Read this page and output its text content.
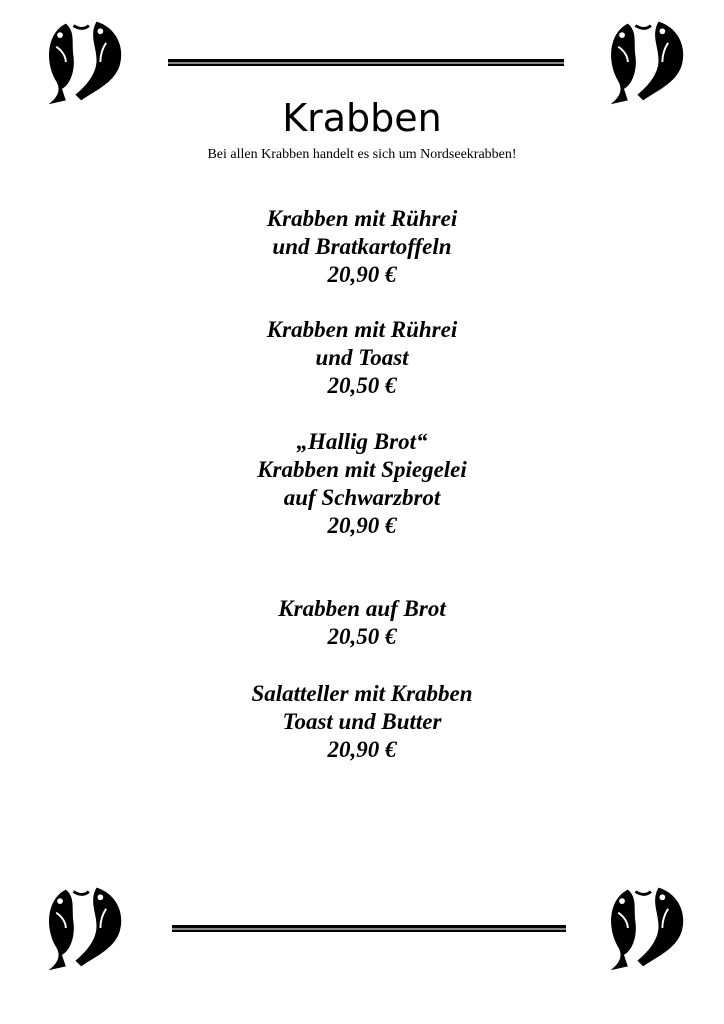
Krabben
Bei allen Krabben handelt es sich um Nordseekrabben!
Krabben mit Rührei
und Bratkartoffeln
20,90 €
Krabben mit Rührei
und Toast
20,50 €
„Hallig Brot“
Krabben mit Spiegelei
auf Schwarzbrot
20,90 €
Krabben auf Brot
20,50 €
Salatteller mit Krabben
Toast und Butter
20,90 €
